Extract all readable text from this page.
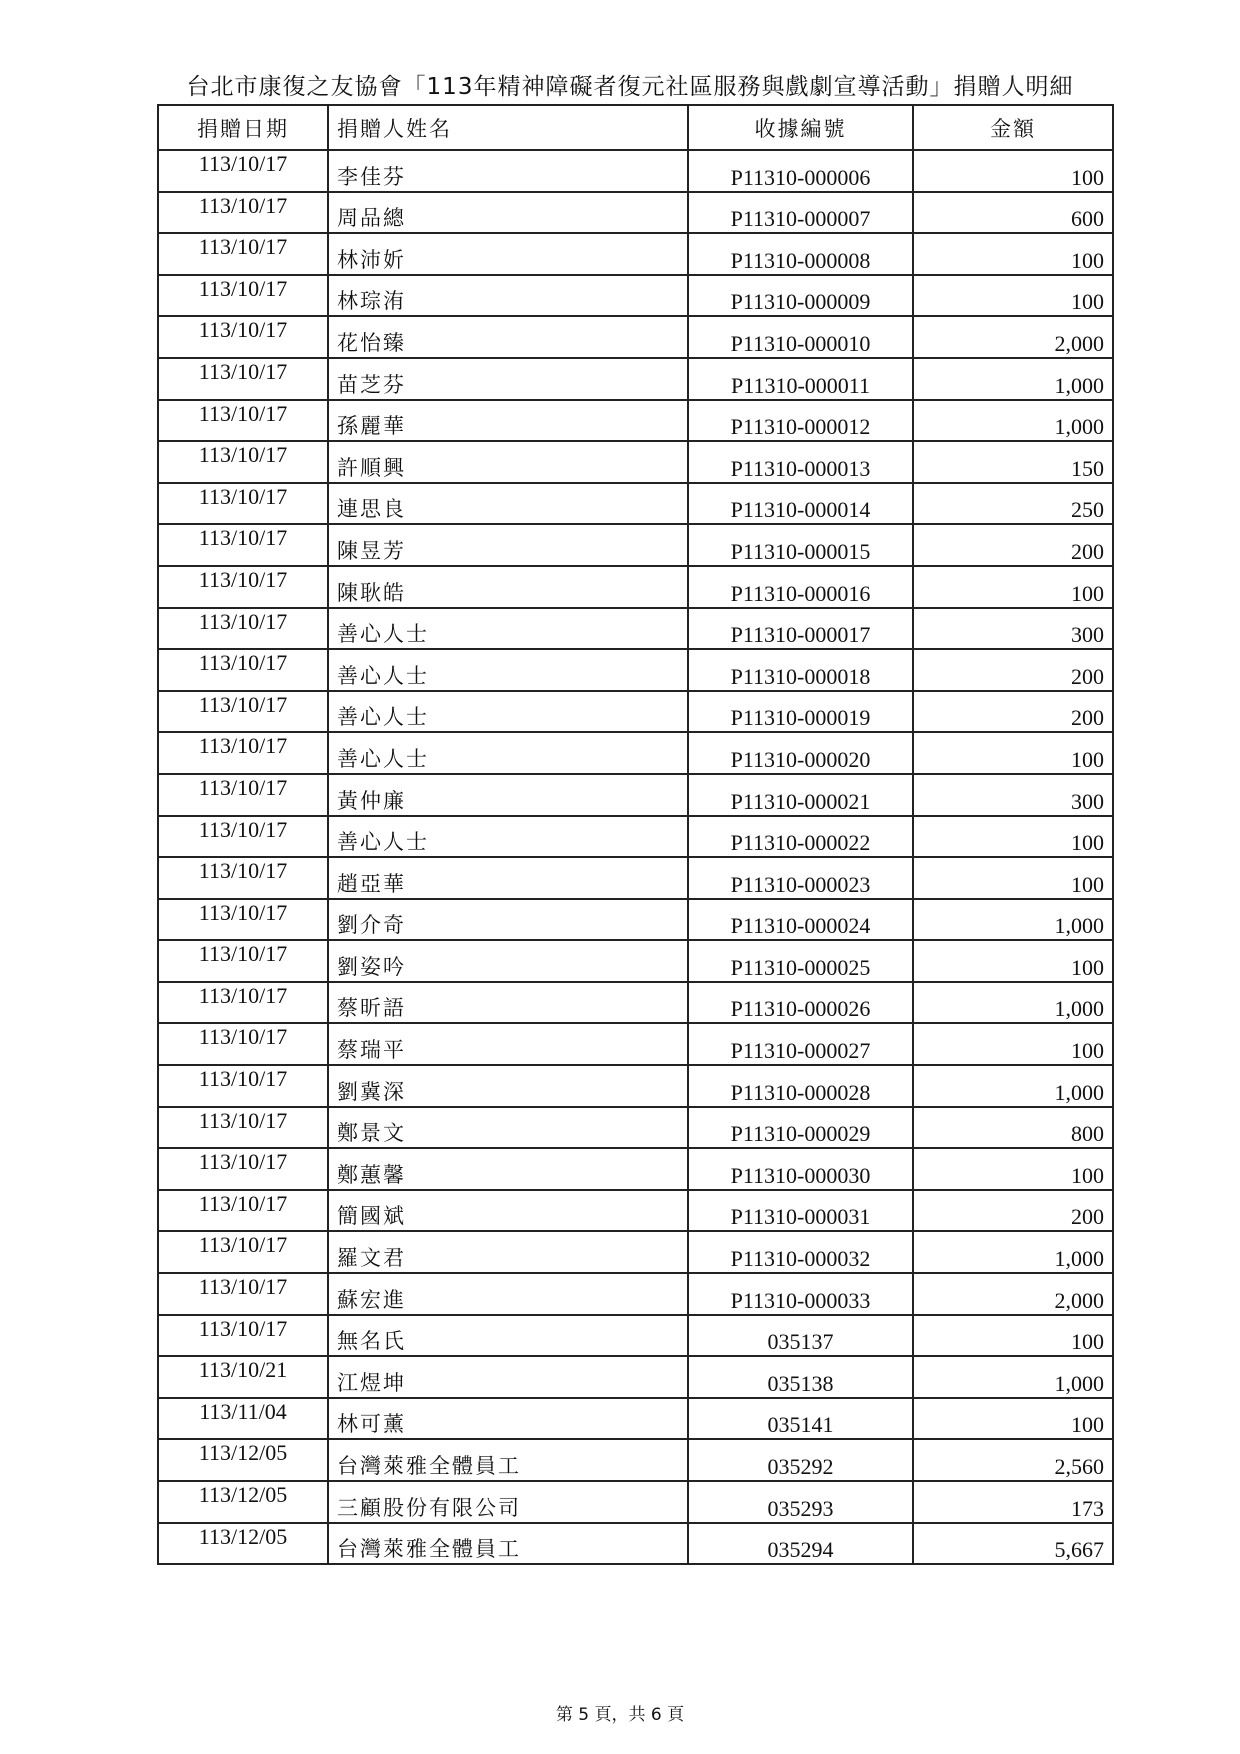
台北市康復之友協會「113年精神障礙者復元社區服務與戲劇宣導活動」捐贈人明細
捐贈日期	捐贈人姓名	收據編號	金額
113/10/17	李佳芬	P11310-000006	100
113/10/17	周品總	P11310-000007	600
113/10/17	林沛妡	P11310-000008	100
113/10/17	林琮洧	P11310-000009	100
113/10/17	花怡臻	P11310-000010	2,000
113/10/17	苗芝芬	P11310-000011	1,000
113/10/17	孫麗華	P11310-000012	1,000
113/10/17	許順興	P11310-000013	150
113/10/17	連思良	P11310-000014	250
113/10/17	陳昱芳	P11310-000015	200
113/10/17	陳耿皓	P11310-000016	100
113/10/17	善心人士	P11310-000017	300
113/10/17	善心人士	P11310-000018	200
113/10/17	善心人士	P11310-000019	200
113/10/17	善心人士	P11310-000020	100
113/10/17	黃仲廉	P11310-000021	300
113/10/17	善心人士	P11310-000022	100
113/10/17	趙亞華	P11310-000023	100
113/10/17	劉介奇	P11310-000024	1,000
113/10/17	劉姿吟	P11310-000025	100
113/10/17	蔡昕語	P11310-000026	1,000
113/10/17	蔡瑞平	P11310-000027	100
113/10/17	劉冀深	P11310-000028	1,000
113/10/17	鄭景文	P11310-000029	800
113/10/17	鄭蕙馨	P11310-000030	100
113/10/17	簡國斌	P11310-000031	200
113/10/17	羅文君	P11310-000032	1,000
113/10/17	蘇宏進	P11310-000033	2,000
113/10/17	無名氏	035137	100
113/10/21	江煜坤	035138	1,000
113/11/04	林可薰	035141	100
113/12/05	台灣萊雅全體員工	035292	2,560
113/12/05	三顧股份有限公司	035293	173
113/12/05	台灣萊雅全體員工	035294	5,667
第 5 頁，共 6 頁
